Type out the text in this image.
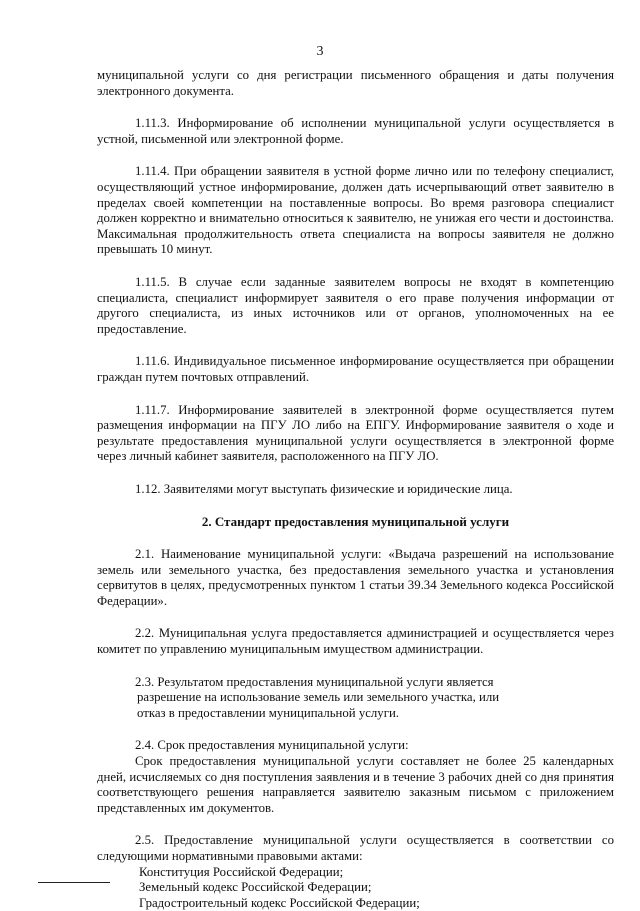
3

муниципальной услуги со дня регистрации письменного обращения и даты получения электронного документа.

1.11.3. Информирование об исполнении муниципальной услуги осуществляется в устной, письменной или электронной форме.

1.11.4. При обращении заявителя в устной форме лично или по телефону специалист, осуществляющий устное информирование, должен дать исчерпывающий ответ заявителю в пределах своей компетенции на поставленные вопросы. Во время разговора специалист должен корректно и внимательно относиться к заявителю, не унижая его чести и достоинства. Максимальная продолжительность ответа специалиста на вопросы заявителя не должно превышать 10 минут.

1.11.5. В случае если заданные заявителем вопросы не входят в компетенцию специалиста, специалист информирует заявителя о его праве получения информации от другого специалиста, из иных источников или от органов, уполномоченных на ее предоставление.

1.11.6. Индивидуальное письменное информирование осуществляется при обращении граждан путем почтовых отправлений.

1.11.7. Информирование заявителей в электронной форме осуществляется путем размещения информации на ПГУ ЛО либо на ЕПГУ. Информирование заявителя о ходе и результате предоставления муниципальной услуги осуществляется в электронной форме через личный кабинет заявителя, расположенного на ПГУ ЛО.

1.12. Заявителями могут выступать физические и юридические лица.

2. Стандарт предоставления муниципальной услуги

2.1. Наименование муниципальной услуги: «Выдача разрешений на использование земель или земельного участка, без предоставления земельного участка и установления сервитутов в целях, предусмотренных пунктом 1 статьи 39.34 Земельного кодекса Российской Федерации».

2.2. Муниципальная услуга предоставляется администрацией и осуществляется через комитет по управлению муниципальным имуществом администрации.

2.3. Результатом предоставления муниципальной услуги является

разрешение на использование земель или земельного участка, или

отказ в предоставлении муниципальной услуги.

2.4. Срок предоставления муниципальной услуги:

Срок предоставления муниципальной услуги составляет не более 25 календарных дней, исчисляемых со дня поступления заявления и в течение 3 рабочих дней со дня принятия соответствующего решения направляется заявителю заказным письмом с приложением представленных им документов.

2.5. Предоставление муниципальной услуги осуществляется в соответствии со следующими нормативными правовыми актами:

Конституция Российской Федерации;

Земельный кодекс Российской Федерации;

Градостроительный кодекс Российской Федерации;
